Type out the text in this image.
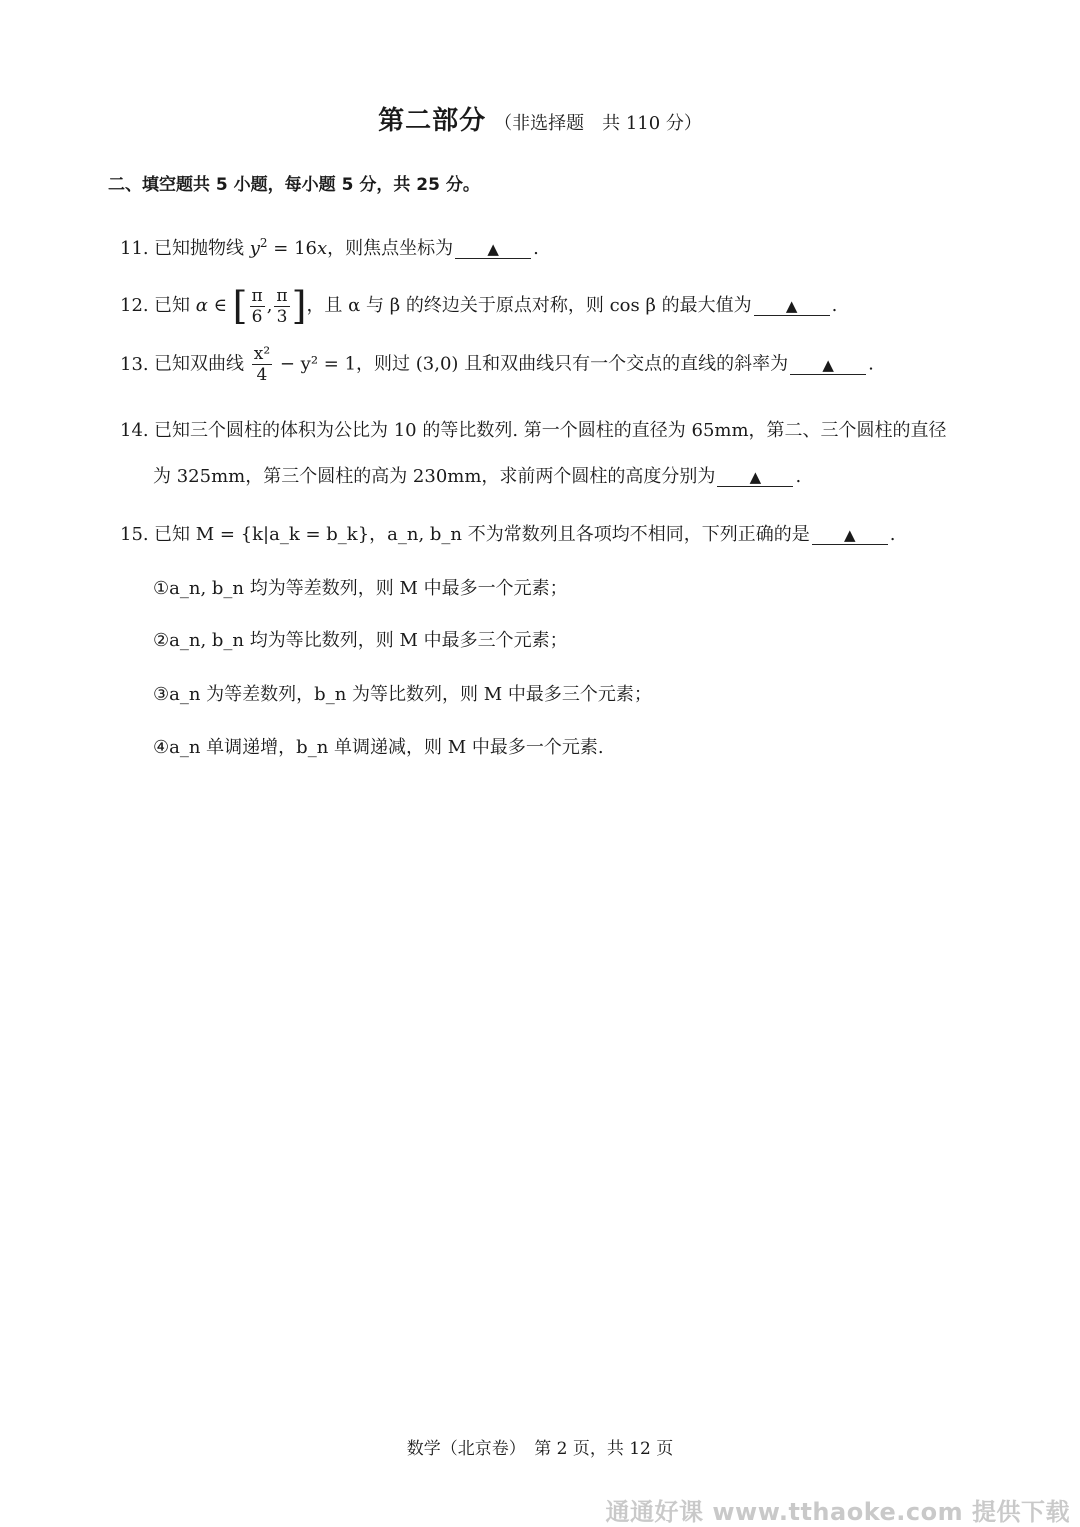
第二部分 （非选择题　共 110 分）
二、填空题共 5 小题，每小题 5 分，共 25 分。
11. 已知抛物线 $y^2 = 16x$，则焦点坐标为 ▲ .
12. 已知 α ∈ [ $\frac{\pi}{6}$ , $\frac{\pi}{3}$ ]，且 α 与 β 的终边关于原点对称，则 cos β 的最大值为 ▲ .
13. 已知双曲线 $\frac{\text{x²}}{4} - y^2 = 1$，则过 (3,0) 且和双曲线只有一个交点的直线的斜率为 ▲ .
14. 已知三个圆柱的体积为公比为 10 的等比数列. 第一个圆柱的直径为 65mm，第二、三个圆柱的直径
为 325mm，第三个圆柱的高为 230mm，求前两个圆柱的高度分别为 ▲ .
15. 已知 M = {k|a_k = b_k}，a_n, b_n 不为常数列且各项均不相同，下列正确的是 ▲ .
①a_n, b_n 均为等差数列，则 M 中最多一个元素；
②a_n, b_n 均为等比数列，则 M 中最多三个元素；
③a_n 为等差数列，b_n 为等比数列，则 M 中最多三个元素；
④a_n 单调递增，b_n 单调递减，则 M 中最多一个元素.
数学（北京卷）　第 2 页，共 12 页
通通好课 www.tthaoke.com 提供下载
